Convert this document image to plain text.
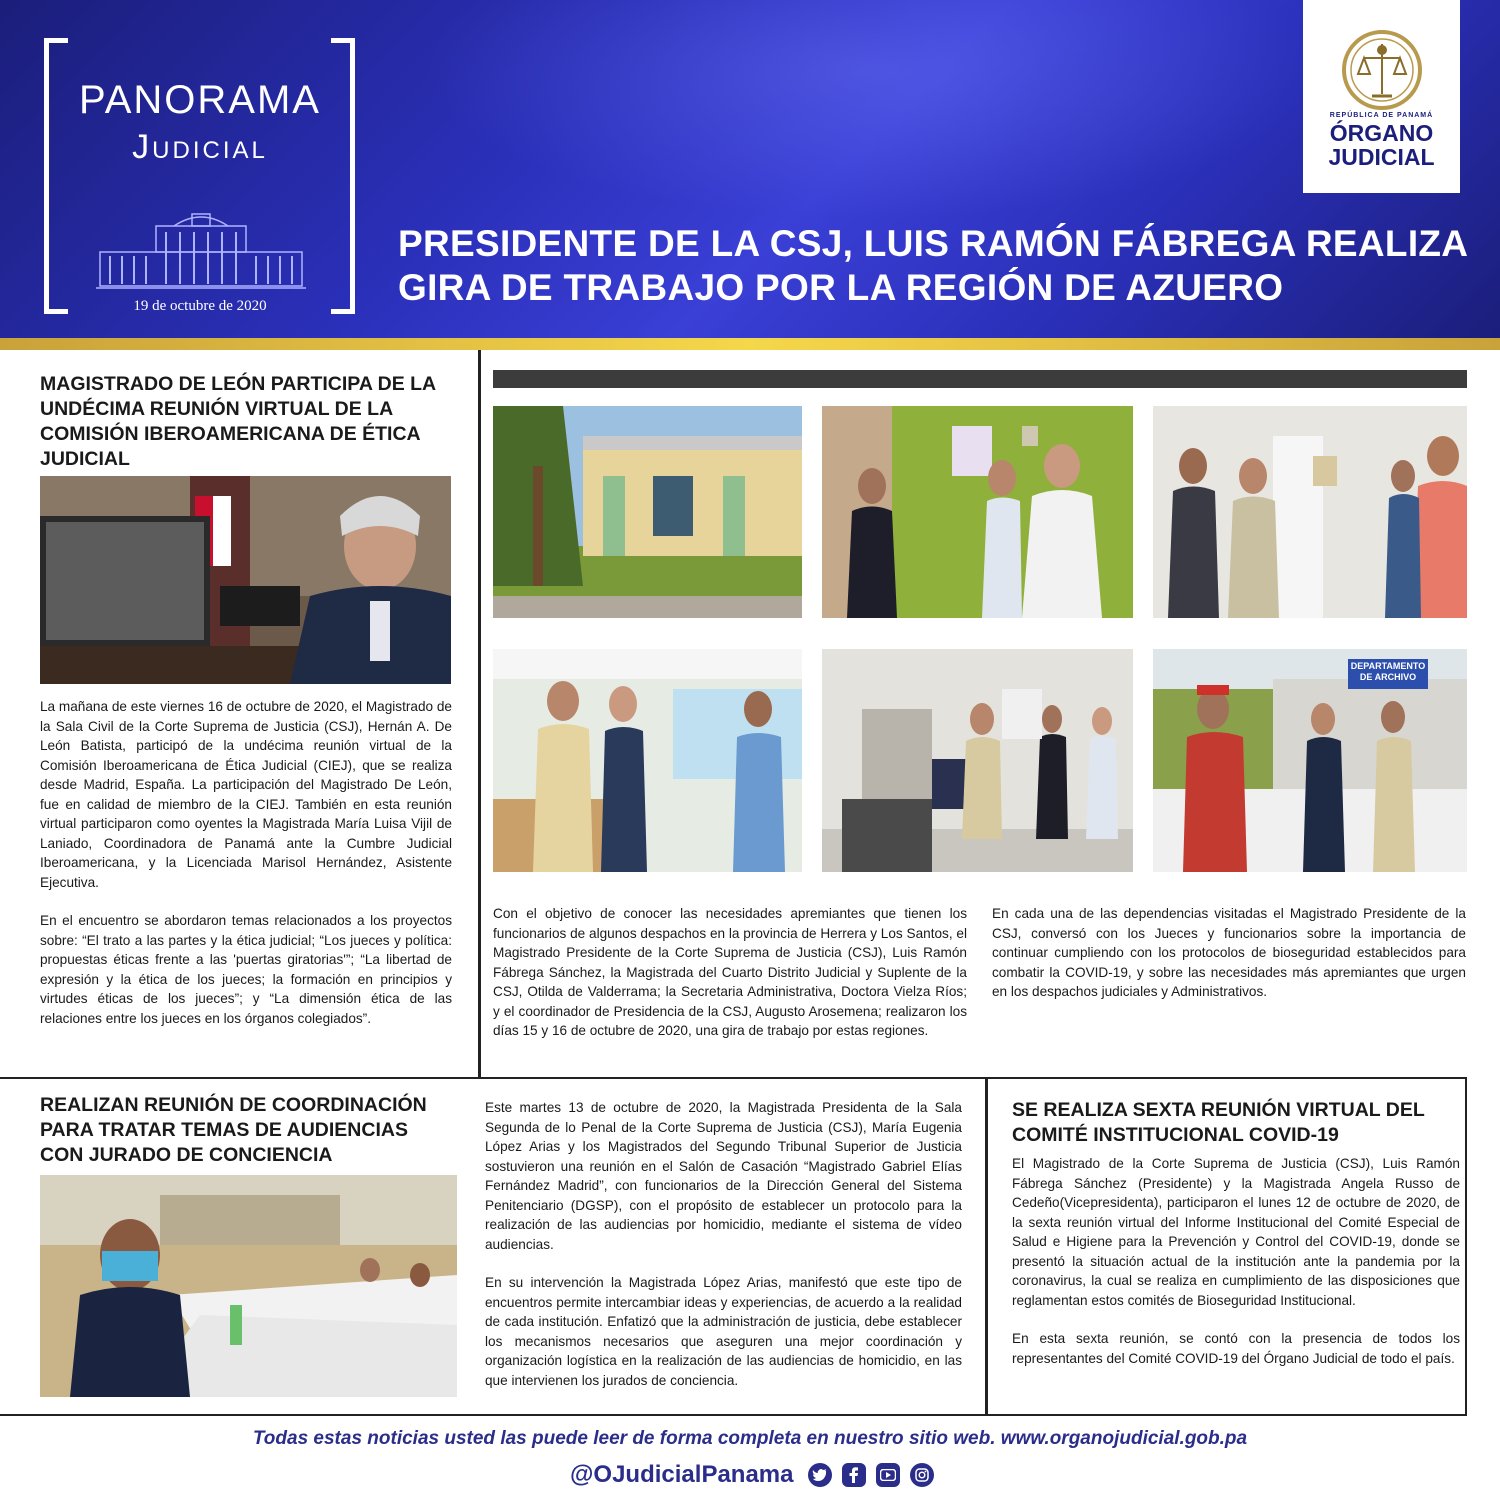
PANORAMA
Judicial
19 de octubre de 2020
REPÚBLICA DE PANAMÁ
ÓRGANO
JUDICIAL
PRESIDENTE DE LA CSJ, LUIS RAMÓN FÁBREGA REALIZA GIRA DE TRABAJO POR LA REGIÓN DE AZUERO
MAGISTRADO DE LEÓN PARTICIPA DE LA UNDÉCIMA REUNIÓN VIRTUAL DE LA COMISIÓN IBEROAMERICANA DE ÉTICA JUDICIAL

La mañana de este viernes 16 de octubre de 2020, el Magistrado de la Sala Civil de la Corte Suprema de Justicia (CSJ), Hernán A. De León Batista, participó de la undécima reunión virtual de la Comisión Iberoamericana de Ética Judicial (CIEJ), que se realiza desde Madrid, España. La participación del Magistrado De León, fue en calidad de miembro de la CIEJ. También en esta reunión virtual participaron como oyentes la Magistrada María Luisa Vijil de Laniado, Coordinadora de Panamá ante la Cumbre Judicial Iberoamericana, y la Licenciada Marisol Hernández, Asistente Ejecutiva.

En el encuentro se abordaron temas relacionados a los proyectos sobre: “El trato a las partes y la ética judicial; “Los jueces y política: propuestas éticas frente a las 'puertas giratorias'”; “La libertad de expresión y la ética de los jueces; la formación en principios y virtudes éticas de los jueces”; y “La dimensión ética de las relaciones entre los jueces en los órganos colegiados”.

DEPARTAMENTO DE ARCHIVO
Con el objetivo de conocer las necesidades apremiantes que tienen los funcionarios de algunos despachos en la provincia de Herrera y Los Santos, el Magistrado Presidente de la Corte Suprema de Justicia (CSJ), Luis Ramón Fábrega Sánchez, la Magistrada del Cuarto Distrito Judicial y Suplente de la CSJ, Otilda de Valderrama; la Secretaria Administrativa, Doctora Vielza Ríos; y el coordinador de Presidencia de la CSJ, Augusto Arosemena; realizaron los días 15 y 16 de octubre de 2020, una gira de trabajo por estas regiones.
En cada una de las dependencias visitadas el Magistrado Presidente de la CSJ, conversó con los Jueces y funcionarios sobre la importancia de continuar cumpliendo con los protocolos de bioseguridad establecidos para combatir la COVID-19, y sobre las necesidades más apremiantes que urgen en los despachos judiciales y Administrativos.
REALIZAN REUNIÓN DE COORDINACIÓN PARA TRATAR TEMAS DE AUDIENCIAS CON JURADO DE CONCIENCIA

Este martes 13 de octubre de 2020, la Magistrada Presidenta de la Sala Segunda de lo Penal de la Corte Suprema de Justicia (CSJ), María Eugenia López Arias y los Magistrados del Segundo Tribunal Superior de Justicia sostuvieron una reunión en el Salón de Casación “Magistrado Gabriel Elías Fernández Madrid”, con funcionarios de la Dirección General del Sistema Penitenciario (DGSP), con el propósito de establecer un protocolo para la realización de las audiencias por homicidio, mediante el sistema de vídeo audiencias.

En su intervención la Magistrada López Arias, manifestó que este tipo de encuentros permite intercambiar ideas y experiencias, de acuerdo a la realidad de cada institución. Enfatizó que la administración de justicia, debe establecer los mecanismos necesarios que aseguren una mejor coordinación y organización logística en la realización de las audiencias de homicidio, en las que intervienen los jurados de conciencia.

SE REALIZA SEXTA REUNIÓN VIRTUAL DEL COMITÉ INSTITUCIONAL COVID-19

El Magistrado de la Corte Suprema de Justicia (CSJ), Luis Ramón Fábrega Sánchez (Presidente) y la Magistrada Angela Russo de Cedeño(Vicepresidenta), participaron el lunes 12 de octubre de 2020, de la sexta reunión virtual del Informe Institucional del Comité Especial de Salud e Higiene para la Prevención y Control del COVID-19, donde se presentó la situación actual de la institución ante la pandemia por la coronavirus, la cual se realiza en cumplimiento de las disposiciones que reglamentan estos comités de Bioseguridad Institucional.

En esta sexta reunión, se contó con la presencia de todos los representantes del Comité COVID-19 del Órgano Judicial de todo el país.

Todas estas noticias usted las puede leer de forma completa en nuestro sitio web. www.organojudicial.gob.pa
@OJudicialPanama
